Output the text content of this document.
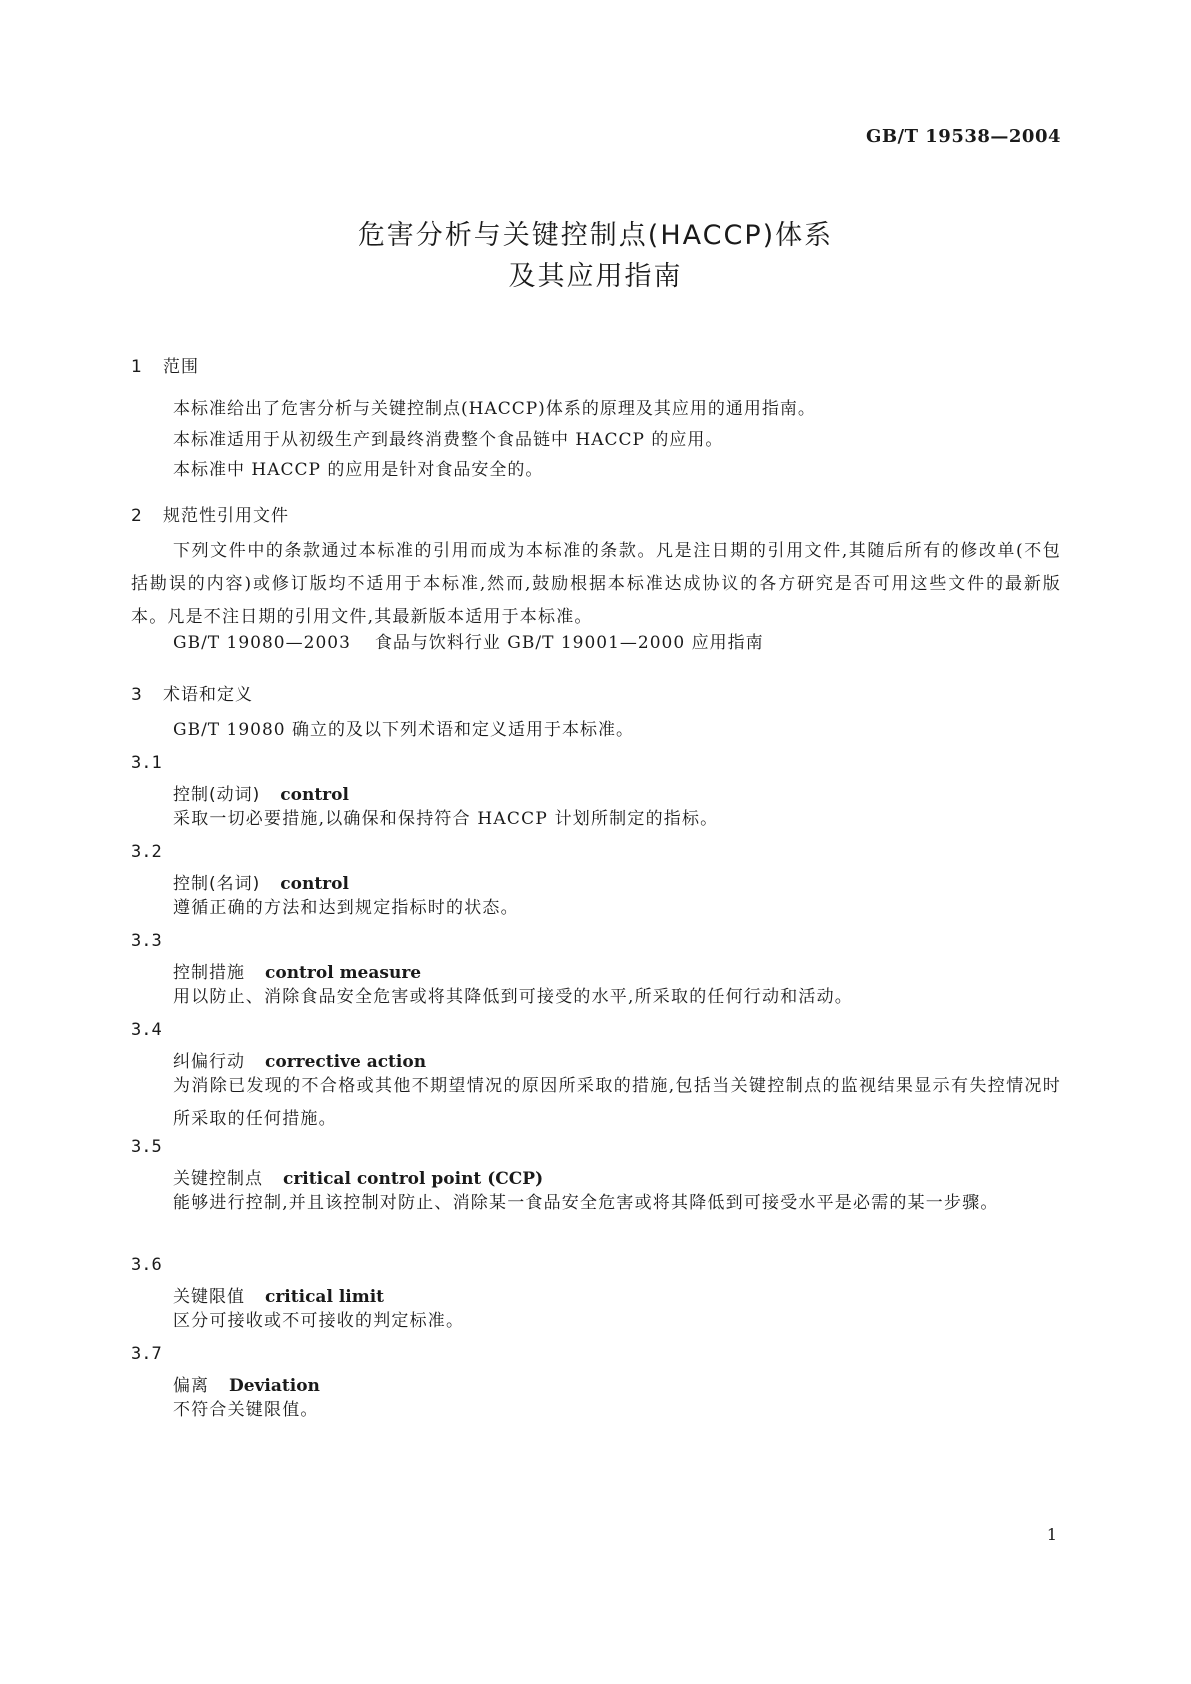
GB/T 19538—2004
危害分析与关键控制点(HACCP)体系
及其应用指南
1 范围
本标准给出了危害分析与关键控制点(HACCP)体系的原理及其应用的通用指南。
本标准适用于从初级生产到最终消费整个食品链中 HACCP 的应用。
本标准中 HACCP 的应用是针对食品安全的。
2 规范性引用文件
下列文件中的条款通过本标准的引用而成为本标准的条款。凡是注日期的引用文件,其随后所有的修改单(不包括勘误的内容)或修订版均不适用于本标准,然而,鼓励根据本标准达成协议的各方研究是否可用这些文件的最新版本。凡是不注日期的引用文件,其最新版本适用于本标准。
GB/T 19080—2003 食品与饮料行业 GB/T 19001—2000 应用指南
3 术语和定义
GB/T 19080 确立的及以下列术语和定义适用于本标准。
3.1
控制(动词) control
采取一切必要措施,以确保和保持符合 HACCP 计划所制定的指标。
3.2
控制(名词) control
遵循正确的方法和达到规定指标时的状态。
3.3
控制措施 control measure
用以防止、消除食品安全危害或将其降低到可接受的水平,所采取的任何行动和活动。
3.4
纠偏行动 corrective action
为消除已发现的不合格或其他不期望情况的原因所采取的措施,包括当关键控制点的监视结果显示有失控情况时所采取的任何措施。
3.5
关键控制点 critical control point (CCP)
能够进行控制,并且该控制对防止、消除某一食品安全危害或将其降低到可接受水平是必需的某一步骤。
3.6
关键限值 critical limit
区分可接收或不可接收的判定标准。
3.7
偏离 Deviation
不符合关键限值。
1
